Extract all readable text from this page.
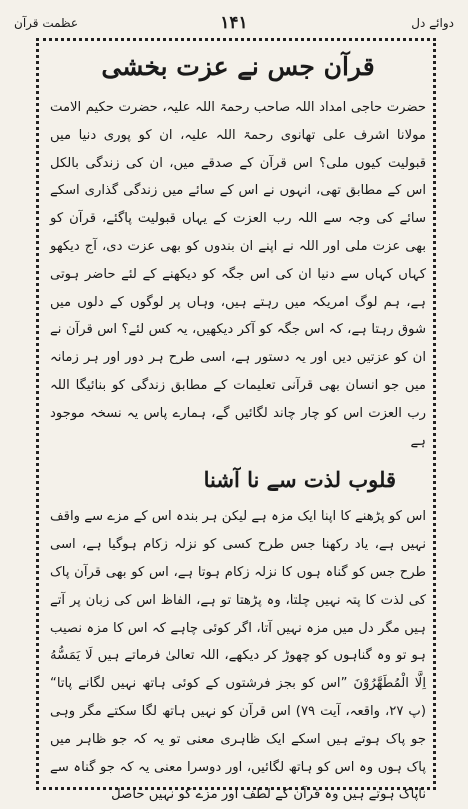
دوائے دل
۱۴۱
عظمت قرآن
قرآن جس نے عزت بخشی

حضرت حاجی امداد اللہ صاحب رحمۃ اللہ علیہ، حضرت حکیم الامت مولانا اشرف علی تھانوی رحمۃ اللہ علیہ، ان کو پوری دنیا میں قبولیت کیوں ملی؟ اس قرآن کے صدقے میں، ان کی زندگی بالکل اس کے مطابق تھی، انہوں نے اس کے سائے میں زندگی گذاری اسکے سائے کی وجہ سے اللہ رب العزت کے یہاں قبولیت پاگئے، قرآن کو بھی عزت ملی اور اللہ نے اپنے ان بندوں کو بھی عزت دی، آج دیکھو کہاں کہاں سے دنیا ان کی اس جگہ کو دیکھنے کے لئے حاضر ہوتی ہے، ہم لوگ امریکہ میں رہتے ہیں، وہاں پر لوگوں کے دلوں میں شوق رہتا ہے، کہ اس جگہ کو آکر دیکھیں، یہ کس لئے؟ اس قرآن نے ان کو عزتیں دیں اور یہ دستور ہے، اسی طرح ہر دور اور ہر زمانہ میں جو انسان بھی قرآنی تعلیمات کے مطابق زندگی کو بنائیگا اللہ رب العزت اس کو چار چاند لگائیں گے، ہمارے پاس یہ نسخہ موجود ہے

قلوب لذت سے نا آشنا

اس کو پڑھنے کا اپنا ایک مزہ ہے لیکن ہر بندہ اس کے مزے سے واقف نہیں ہے، یاد رکھنا جس طرح کسی کو نزلہ زکام ہوگیا ہے، اسی طرح جس کو گناہ ہوں کا نزلہ زکام ہوتا ہے، اس کو بھی قرآن پاک کی لذت کا پتہ نہیں چلتا، وہ پڑھتا تو ہے، الفاظ اس کی زبان پر آتے ہیں مگر دل میں مزہ نہیں آتا، اگر کوئی چاہے کہ اس کا مزہ نصیب ہو تو وہ گناہوں کو چھوڑ کر دیکھے، اللہ تعالیٰ فرماتے ہیں لَا يَمَسُّهُ اِلَّا الْمُطَهَّرُوْنَ ”اس کو بجز فرشتوں کے کوئی ہاتھ نہیں لگانے پاتا“ (پ ۲۷، واقعہ، آیت ۷۹) اس قرآن کو نہیں ہاتھ لگا سکتے مگر وہی جو پاک ہوتے ہیں اسکے ایک ظاہری معنی تو یہ کہ جو ظاہر میں پاک ہوں وہ اس کو ہاتھ لگائیں، اور دوسرا معنی یہ کہ جو گناہ سے ناپاک ہوتے ہیں وہ قرآن کے لطف اور مزے کو نہیں حاصل
